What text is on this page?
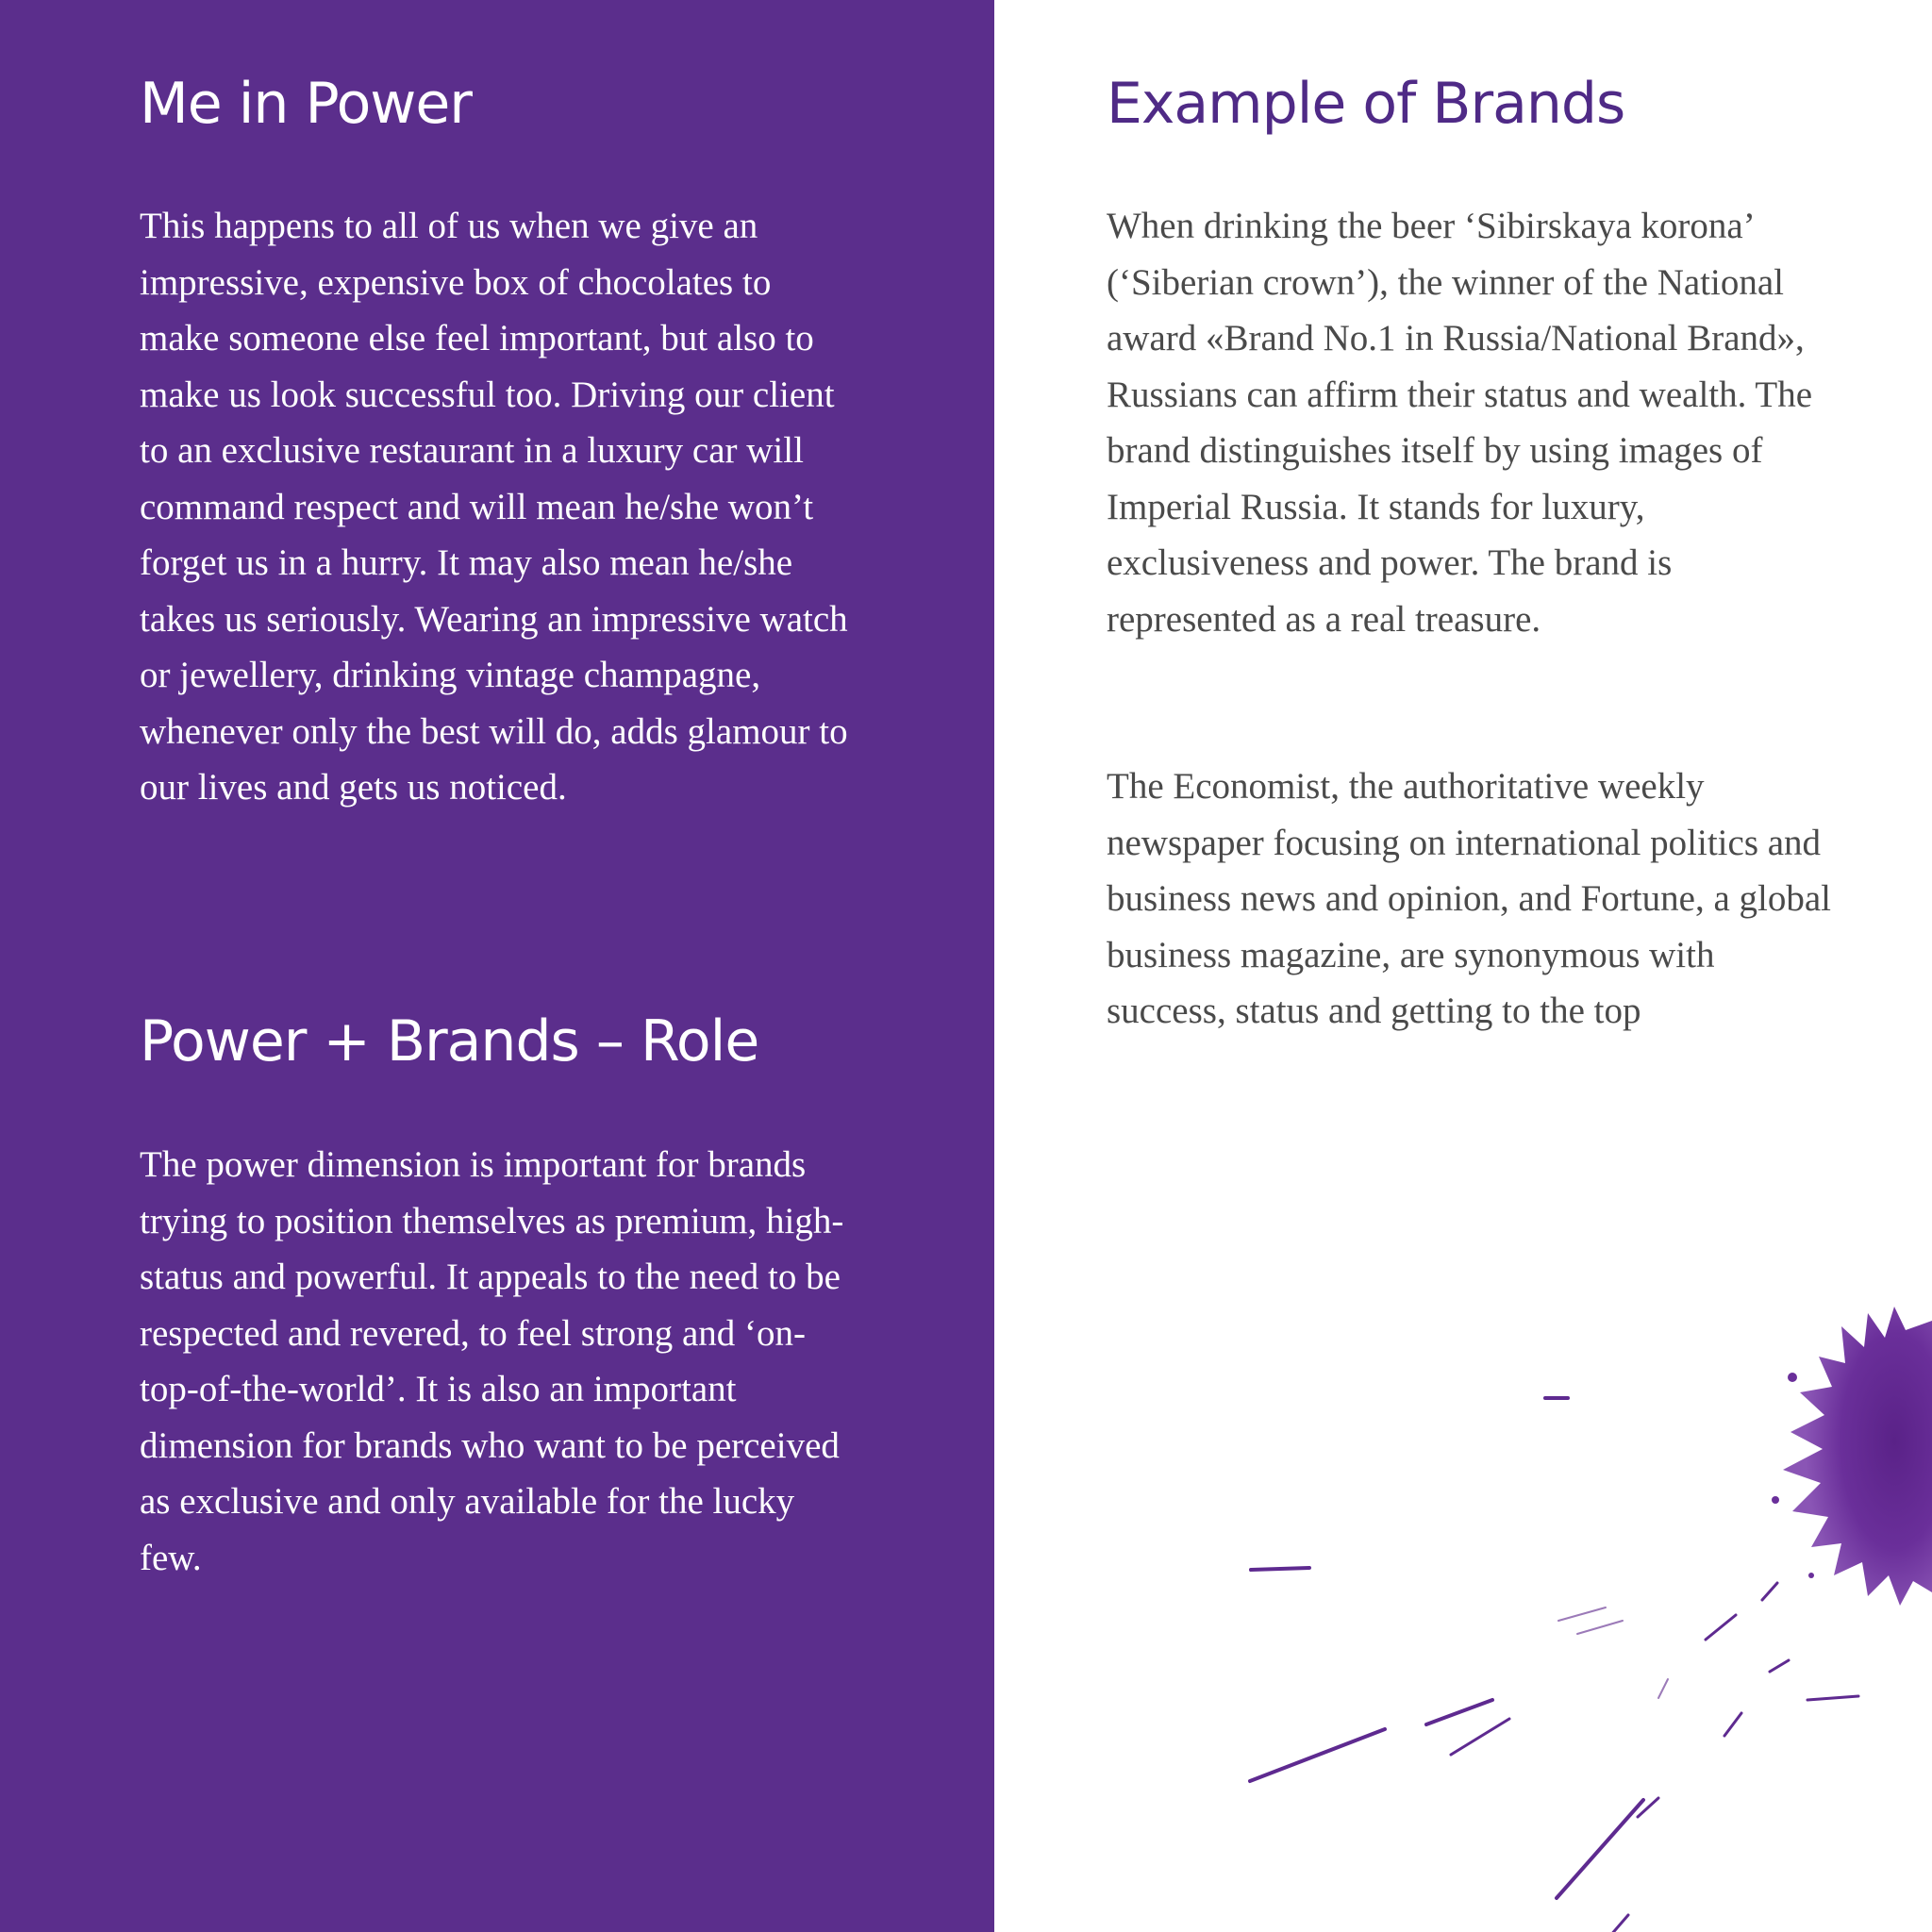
Me in Power

This happens to all of us when we give an impressive, expensive box of chocolates to make someone else feel important, but also to make us look successful too. Driving our client to an exclusive restaurant in a luxury car will command respect and will mean he/she won’t forget us in a hurry. It may also mean he/she takes us seriously. Wearing an impressive watch or jewellery, drinking vintage champagne, whenever only the best will do, adds glamour to our lives and gets us noticed.

Power + Brands – Role

The power dimension is important for brands trying to position themselves as premium, high-status and powerful. It appeals to the need to be respected and revered, to feel strong and ‘on-top-of-the-world’. It is also an important dimension for brands who want to be perceived as exclusive and only available for the lucky few.

Example of Brands

When drinking the beer ‘Sibirskaya korona’ (‘Siberian crown’), the winner of the National award «Brand No.1 in Russia/National Brand», Russians can affirm their status and wealth. The brand distinguishes itself by using images of Imperial Russia. It stands for luxury, exclusiveness and power. The brand is represented as a real treasure.

The Economist, the authoritative weekly newspaper focusing on international politics and business news and opinion, and Fortune, a global business magazine, are synonymous with success, status and getting to the top
